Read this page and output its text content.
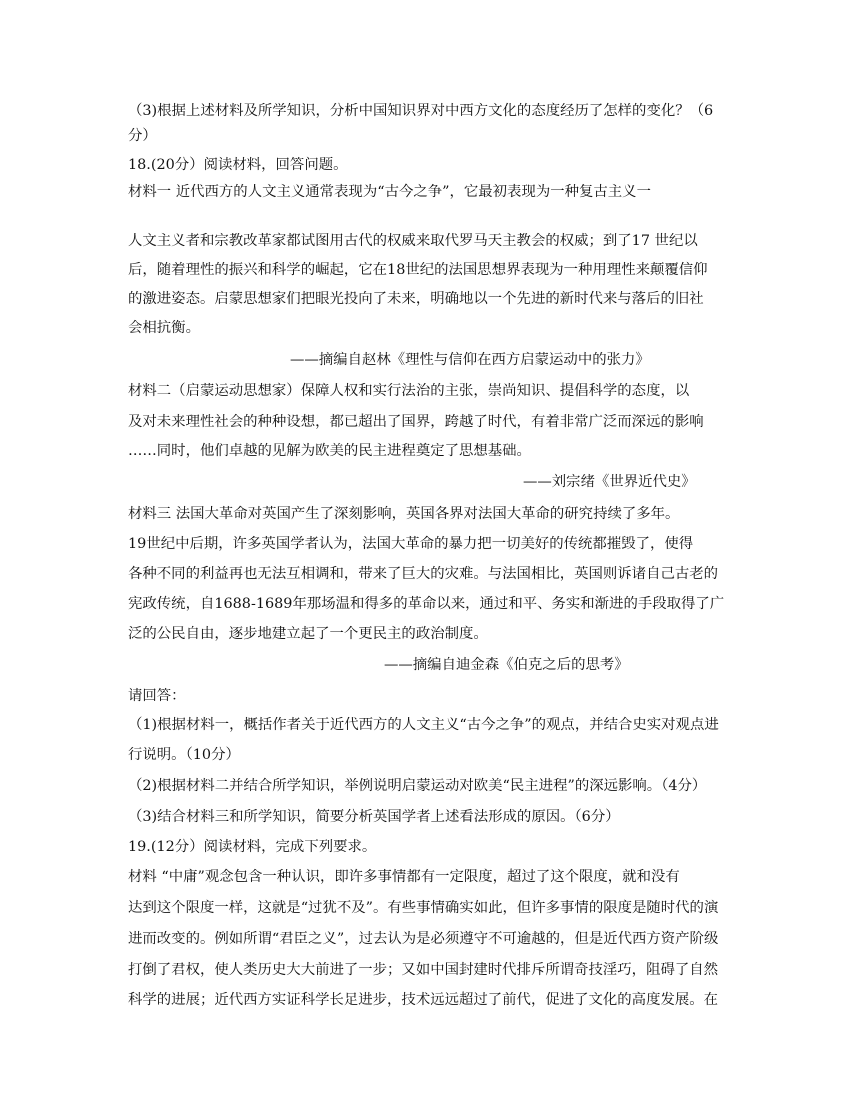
（3)根据上述材料及所学知识，分析中国知识界对中西方文化的态度经历了怎样的变化？（6
分）
18.(20分）阅读材料，回答问题。
材料一 近代西方的人文主义通常表现为“古今之争”，它最初表现为一种复古主义一
人文主义者和宗教改革家都试图用古代的权威来取代罗马天主教会的权威；到了17 世纪以
后，随着理性的振兴和科学的崛起，它在18世纪的法国思想界表现为一种用理性来颠覆信仰
的激进姿态。启蒙思想家们把眼光投向了未来，明确地以一个先进的新时代来与落后的旧社
会相抗衡。
——摘编自赵林《理性与信仰在西方启蒙运动中的张力》
材料二（启蒙运动思想家）保障人权和实行法治的主张，崇尚知识、提倡科学的态度，以
及对未来理性社会的种种设想，都已超出了国界，跨越了时代，有着非常广泛而深远的影响
……同时，他们卓越的见解为欧美的民主进程奠定了思想基础。
——刘宗绪《世界近代史》
材料三 法国大革命对英国产生了深刻影响，英国各界对法国大革命的研究持续了多年。
19世纪中后期，许多英国学者认为，法国大革命的暴力把一切美好的传统都摧毁了，使得
各种不同的利益再也无法互相调和，带来了巨大的灾难。与法国相比，英国则诉诸自己古老的
宪政传统，自1688-1689年那场温和得多的革命以来，通过和平、务实和渐进的手段取得了广
泛的公民自由，逐步地建立起了一个更民主的政治制度。
——摘编自迪金森《伯克之后的思考》
请回答：
（1)根据材料一，概括作者关于近代西方的人文主义“古今之争”的观点，并结合史实对观点进
行说明。（10分）
（2)根据材料二并结合所学知识，举例说明启蒙运动对欧美“民主进程”的深远影响。（4分）
（3)结合材料三和所学知识，简要分析英国学者上述看法形成的原因。（6分）
19.(12分）阅读材料，完成下列要求。
材料 “中庸”观念包含一种认识，即许多事情都有一定限度，超过了这个限度，就和没有
达到这个限度一样，这就是“过犹不及”。有些事情确实如此，但许多事情的限度是随时代的演
进而改变的。例如所谓“君臣之义”，过去认为是必须遵守不可逾越的，但是近代西方资产阶级
打倒了君权，使人类历史大大前进了一步；又如中国封建时代排斥所谓奇技淫巧，阻碍了自然
科学的进展；近代西方实证科学长足进步，技术远远超过了前代，促进了文化的高度发展。在
